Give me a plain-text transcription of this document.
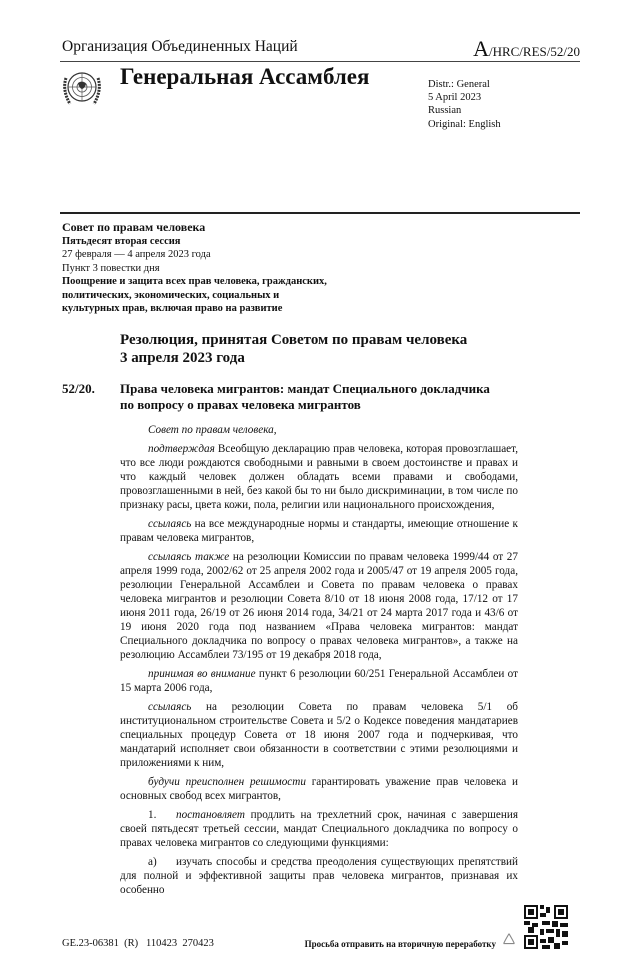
Организация Объединенных Наций	A/HRC/RES/52/20
Генеральная Ассамблея	Distr.: General
5 April 2023
Russian
Original: English
Совет по правам человека
Пятьдесят вторая сессия
27 февраля — 4 апреля 2023 года
Пункт 3 повестки дня
Поощрение и защита всех прав человека, гражданских,
политических, экономических, социальных и
культурных прав, включая право на развитие
Резолюция, принятая Советом по правам человека
3 апреля 2023 года
52/20.	Права человека мигрантов: мандат Специального докладчика
по вопросу о правах человека мигрантов
Совет по правам человека,
подтверждая Всеобщую декларацию прав человека, которая провозглашает, что все люди рождаются свободными и равными в своем достоинстве и правах и что каждый человек должен обладать всеми правами и свободами, провозглашенными в ней, без какой бы то ни было дискриминации, в том числе по признаку расы, цвета кожи, пола, религии или национального происхождения,
ссылаясь на все международные нормы и стандарты, имеющие отношение к правам человека мигрантов,
ссылаясь также на резолюции Комиссии по правам человека 1999/44 от 27 апреля 1999 года, 2002/62 от 25 апреля 2002 года и 2005/47 от 19 апреля 2005 года, резолюции Генеральной Ассамблеи и Совета по правам человека о правах человека мигрантов и резолюции Совета 8/10 от 18 июня 2008 года, 17/12 от 17 июня 2011 года, 26/19 от 26 июня 2014 года, 34/21 от 24 марта 2017 года и 43/6 от 19 июня 2020 года под названием «Права человека мигрантов: мандат Специального докладчика по вопросу о правах человека мигрантов», а также на резолюцию Ассамблеи 73/195 от 19 декабря 2018 года,
принимая во внимание пункт 6 резолюции 60/251 Генеральной Ассамблеи от 15 марта 2006 года,
ссылаясь на резолюции Совета по правам человека 5/1 об институциональном строительстве Совета и 5/2 о Кодексе поведения мандатариев специальных процедур Совета от 18 июня 2007 года и подчеркивая, что мандатарий исполняет свои обязанности в соответствии с этими резолюциями и приложениями к ним,
будучи преисполнен решимости гарантировать уважение прав человека и основных свобод всех мигрантов,
1. постановляет продлить на трехлетний срок, начиная с завершения своей пятьдесят третьей сессии, мандат Специального докладчика по вопросу о правах человека мигрантов со следующими функциями:
a) изучать способы и средства преодоления существующих препятствий для полной и эффективной защиты прав человека мигрантов, признавая их особенно
GE.23-06381  (R)   110423  270423	Просьба отправить на вторичную переработку
